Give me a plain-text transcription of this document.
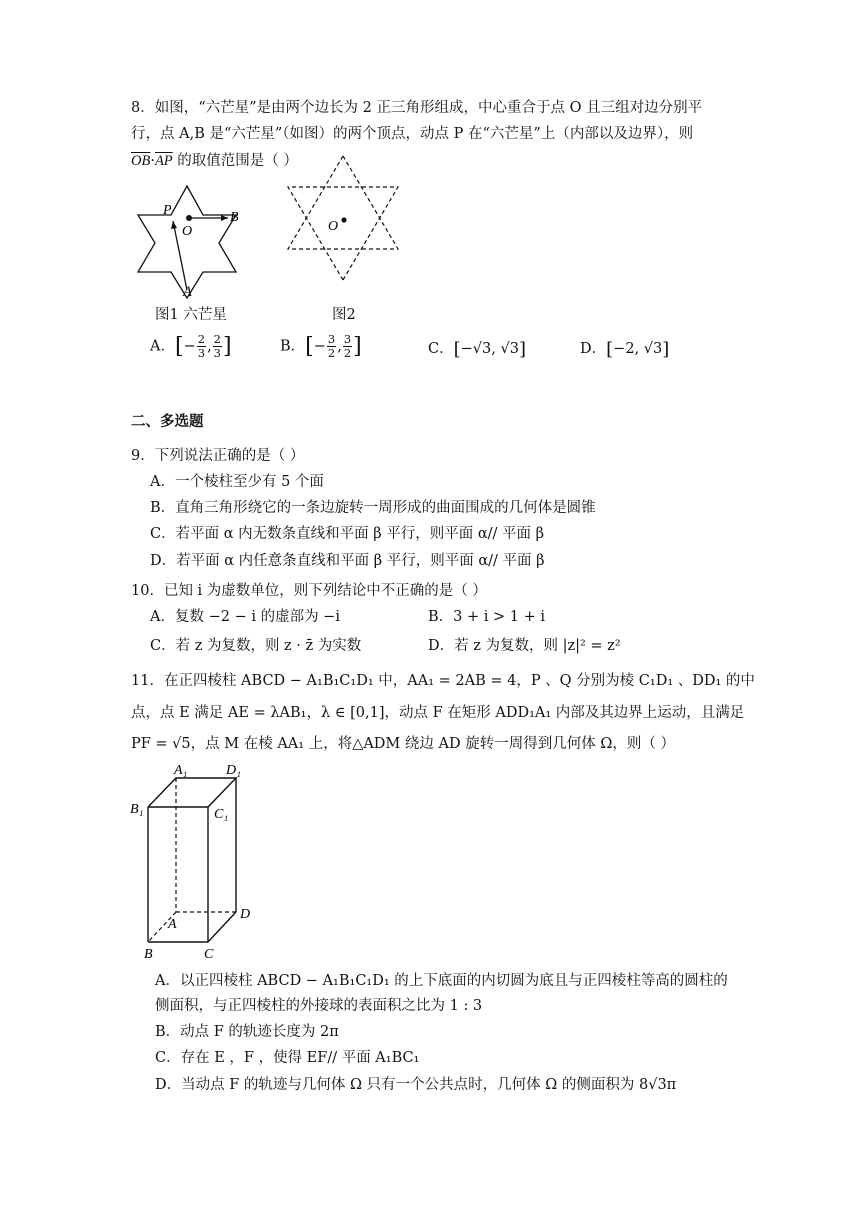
8．如图，“六芒星”是由两个边长为 2 正三角形组成，中心重合于点 O 且三组对边分别平
行，点 A,B 是“六芒星”（如图）的两个顶点，动点 P 在“六芒星”上（内部以及边界），则
$\overline{OB}\cdot\overline{AP}$ 的取值范围是（ ）
P
O
B
A
图1 六芒星
O
图2
A．[− $\frac{2}{3}$ , $\frac{2}{3}$ ]	B．[− $\frac{3}{2}$ , $\frac{3}{2}$ ]	C．[−√3, √3]	D．[−2, √3]
二、多选题
9．下列说法正确的是（ ）
A．一个棱柱至少有 5 个面
B．直角三角形绕它的一条边旋转一周形成的曲面围成的几何体是圆锥
C．若平面 α 内无数条直线和平面 β 平行，则平面 α// 平面 β
D．若平面 α 内任意条直线和平面 β 平行，则平面 α// 平面 β
10．已知 i 为虚数单位，则下列结论中不正确的是（ ）
A．复数 −2 − i 的虚部为 −i	B．3 + i > 1 + i
C．若 z 为复数，则 z · z̄ 为实数	D．若 z 为复数，则 |z|² = z²
11．在正四棱柱 ABCD − A₁B₁C₁D₁ 中，AA₁ = 2AB = 4，P 、Q 分别为棱 C₁D₁ 、DD₁ 的中
点，点 E 满足 AE = λAB₁，λ ∈ [0,1]，动点 F 在矩形 ADD₁A₁ 内部及其边界上运动，且满足
PF = √5，点 M 在棱 AA₁ 上，将△ADM 绕边 AD 旋转一周得到几何体 Ω，则（ ）
A₁	D₁
B₁	C₁
D
A
B	C
A．以正四棱柱 ABCD − A₁B₁C₁D₁ 的上下底面的内切圆为底且与正四棱柱等高的圆柱的
侧面积，与正四棱柱的外接球的表面积之比为 1 : 3
B．动点 F 的轨迹长度为 2π
C．存在 E ，F ，使得 EF// 平面 A₁BC₁
D．当动点 F 的轨迹与几何体 Ω 只有一个公共点时，几何体 Ω 的侧面积为 8√3π
